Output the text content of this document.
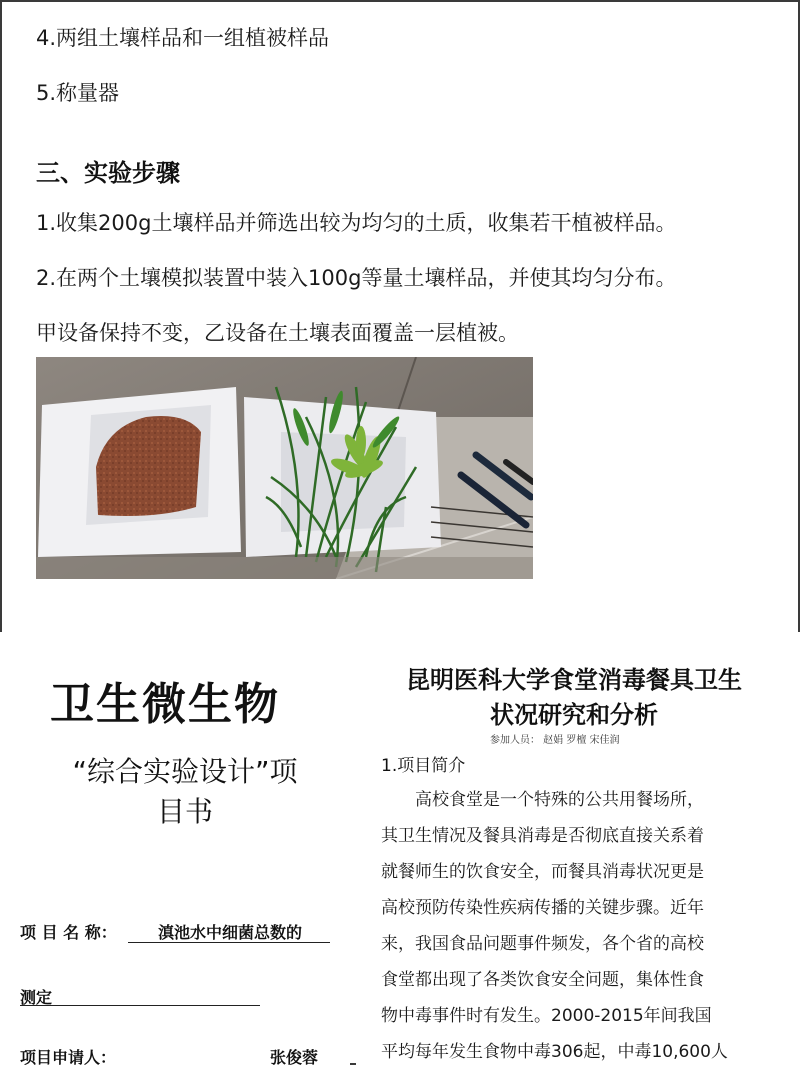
4.两组土壤样品和一组植被样品
5.称量器
三、实验步骤
1.收集200g土壤样品并筛选出较为均匀的土质，收集若干植被样品。
2.在两个土壤模拟装置中装入100g等量土壤样品，并使其均匀分布。
甲设备保持不变，乙设备在土壤表面覆盖一层植被。
卫生微生物
“综合实验设计”项
目书
项 目 名 称：	滇池水中细菌总数的
测定
项目申请人：	张俊蓉
昆明医科大学食堂消毒餐具卫生
状况研究和分析
参加人员： 赵娟 罗檀 宋佳润
1.项目简介
　　高校食堂是一个特殊的公共用餐场所，
其卫生情况及餐具消毒是否彻底直接关系着
就餐师生的饮食安全，而餐具消毒状况更是
高校预防传染性疾病传播的关键步骤。近年
来，我国食品问题事件频发，各个省的高校
食堂都出现了各类饮食安全问题，集体性食
物中毒事件时有发生。2000-2015年间我国
平均每年发生食物中毒306起，中毒10,600人
